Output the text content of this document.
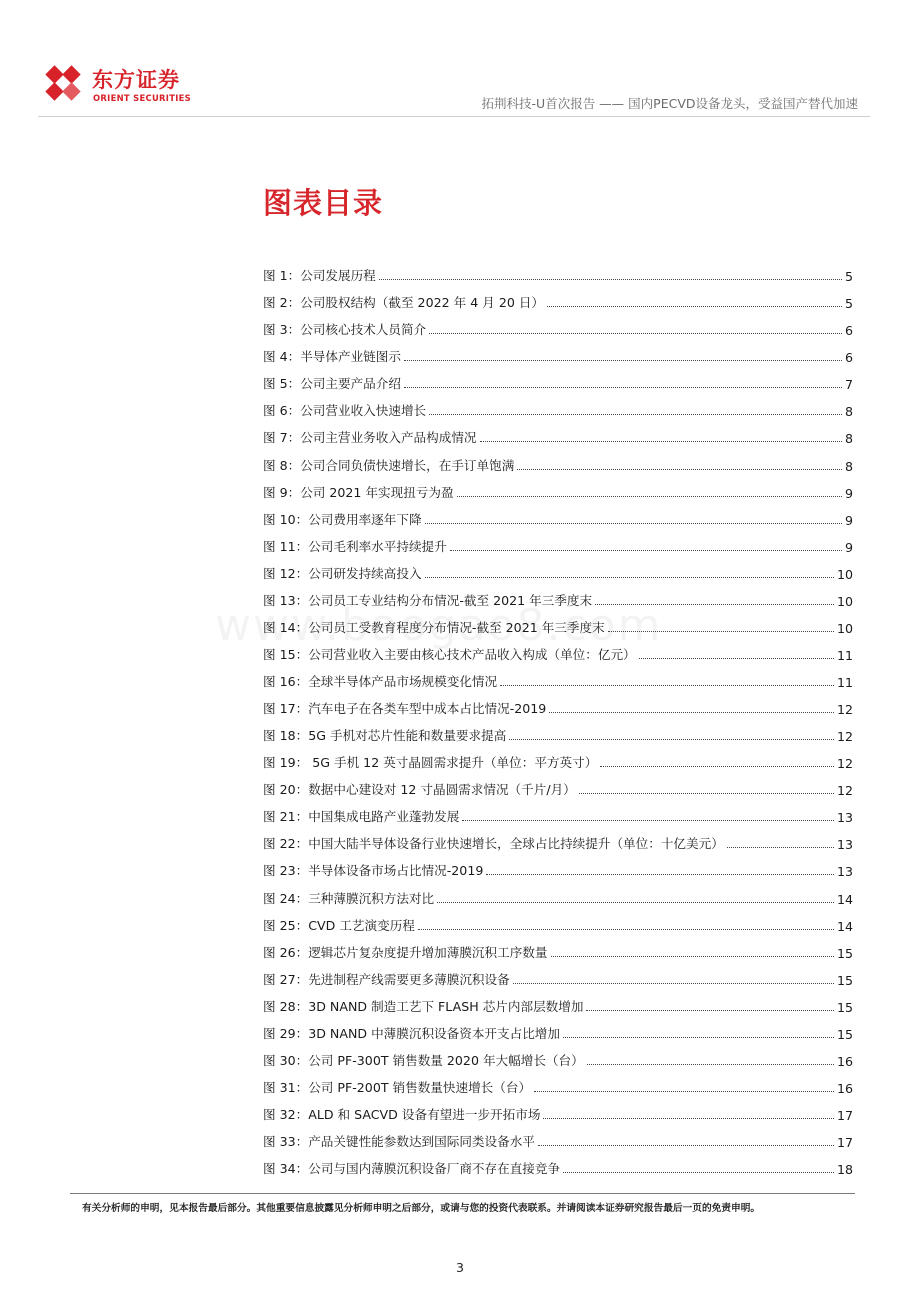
东方证券
ORIENT SECURITIES	拓荆科技-U首次报告 —— 国内PECVD设备龙头，受益国产替代加速
图表目录
图 1：公司发展历程	5
图 2：公司股权结构（截至 2022 年 4 月 20 日）	5
图 3：公司核心技术人员简介	6
图 4：半导体产业链图示	6
图 5：公司主要产品介绍	7
图 6：公司营业收入快速增长	8
图 7：公司主营业务收入产品构成情况	8
图 8：公司合同负债快速增长，在手订单饱满	8
图 9：公司 2021 年实现扭亏为盈	9
图 10：公司费用率逐年下降	9
图 11：公司毛利率水平持续提升	9
图 12：公司研发持续高投入	10
图 13：公司员工专业结构分布情况-截至 2021 年三季度末	10
图 14：公司员工受教育程度分布情况-截至 2021 年三季度末	10
图 15：公司营业收入主要由核心技术产品收入构成（单位：亿元）	11
图 16：全球半导体产品市场规模变化情况	11
图 17：汽车电子在各类车型中成本占比情况-2019	12
图 18：5G 手机对芯片性能和数量要求提高	12
图 19： 5G 手机 12 英寸晶圆需求提升（单位：平方英寸）	12
图 20：数据中心建设对 12 寸晶圆需求情况（千片/月）	12
图 21：中国集成电路产业蓬勃发展	13
图 22：中国大陆半导体设备行业快速增长，全球占比持续提升（单位：十亿美元）	13
图 23：半导体设备市场占比情况-2019	13
图 24：三种薄膜沉积方法对比	14
图 25：CVD 工艺演变历程	14
图 26：逻辑芯片复杂度提升增加薄膜沉积工序数量	15
图 27：先进制程产线需要更多薄膜沉积设备	15
图 28：3D NAND 制造工艺下 FLASH 芯片内部层数增加	15
图 29：3D NAND 中薄膜沉积设备资本开支占比增加	15
图 30：公司 PF-300T 销售数量 2020 年大幅增长（台）	16
图 31：公司 PF-200T 销售数量快速增长（台）	16
图 32：ALD 和 SACVD 设备有望进一步开拓市场	17
图 33：产品关键性能参数达到国际同类设备水平	17
图 34：公司与国内薄膜沉积设备厂商不存在直接竞争	18
有关分析师的申明，见本报告最后部分。其他重要信息披露见分析师申明之后部分，或请与您的投资代表联系。并请阅读本证券研究报告最后一页的免责申明。
3
